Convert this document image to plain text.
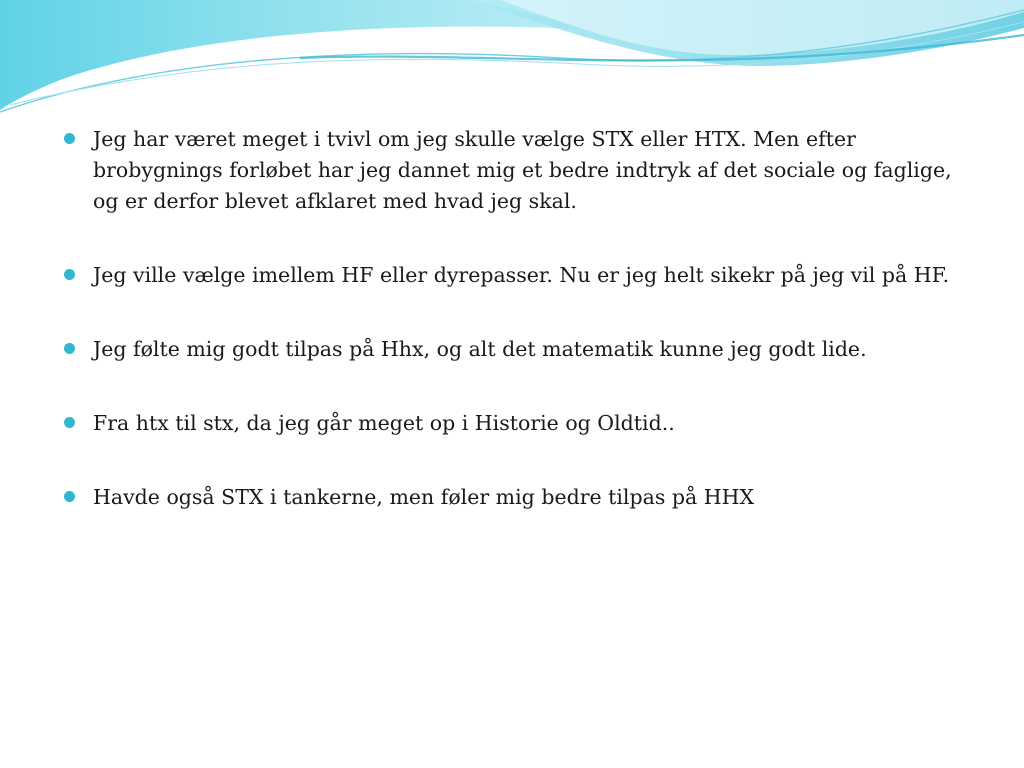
Jeg har været meget i tvivl om jeg skulle vælge STX eller HTX. Men efter brobygnings forløbet har jeg dannet mig et bedre indtryk af det sociale og faglige, og er derfor blevet afklaret med hvad jeg skal.
Jeg ville vælge imellem HF eller dyrepasser. Nu er jeg helt sikekr på jeg vil på HF.
Jeg følte mig godt tilpas på Hhx, og alt det matematik kunne jeg godt lide.
Fra htx til stx, da jeg går meget op i Historie og Oldtid..
Havde også STX i tankerne, men føler mig bedre tilpas på HHX
